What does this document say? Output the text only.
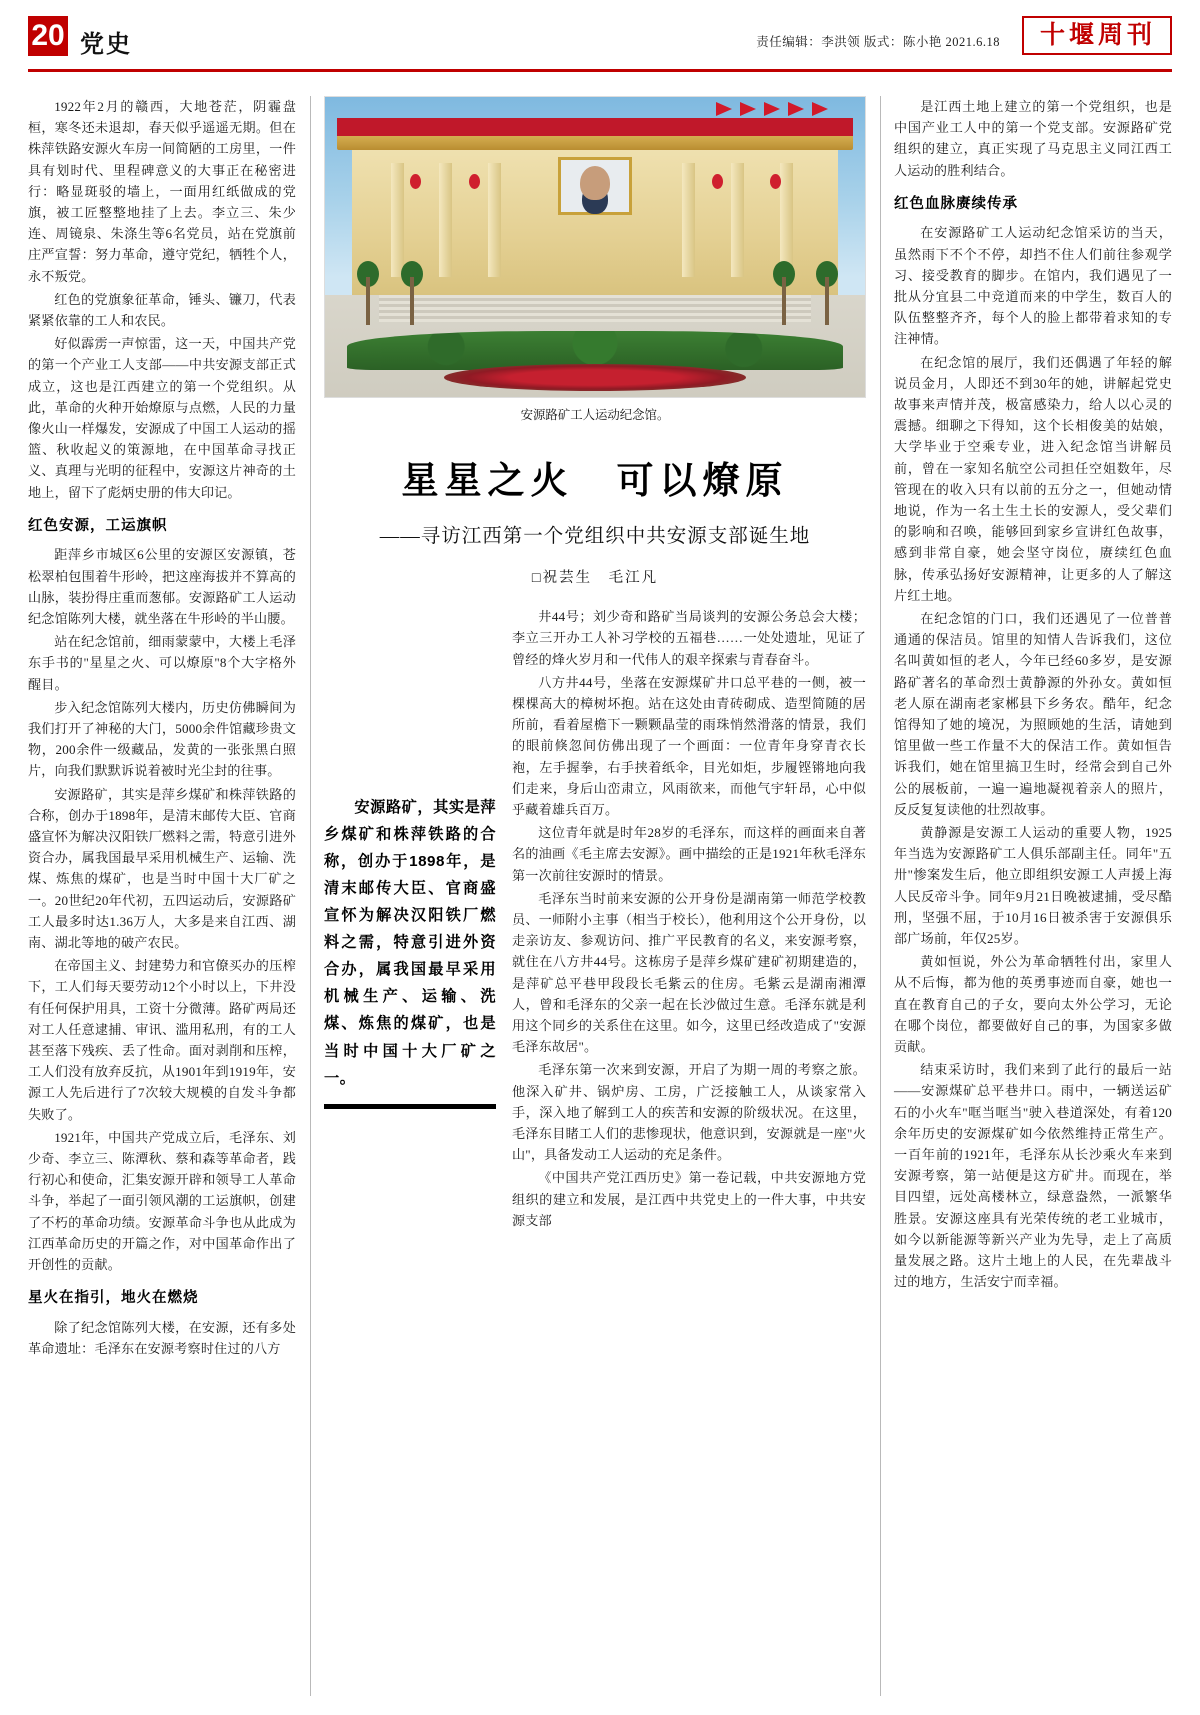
20 党史	责任编辑：李洪领 版式：陈小艳 2021.6.18	十堰周刊

1922年2月的赣西，大地苍茫，阴霾盘桓，寒冬还未退却，春天似乎遥遥无期。但在株萍铁路安源火车房一间简陋的工房里，一件具有划时代、里程碑意义的大事正在秘密进行：略显斑驳的墙上，一面用红纸做成的党旗，被工匠整整地挂了上去。李立三、朱少连、周镜泉、朱涤生等6名党员，站在党旗前庄严宣誓：努力革命，遵守党纪，牺牲个人，永不叛党。

红色的党旗象征革命，锤头、镰刀，代表紧紧依靠的工人和农民。

好似霹雳一声惊雷，这一天，中国共产党的第一个产业工人支部——中共安源支部正式成立，这也是江西建立的第一个党组织。从此，革命的火种开始燎原与点燃，人民的力量像火山一样爆发，安源成了中国工人运动的摇篮、秋收起义的策源地，在中国革命寻找正义、真理与光明的征程中，安源这片神奇的土地上，留下了彪炳史册的伟大印记。

红色安源，工运旗帜

距萍乡市城区6公里的安源区安源镇，苍松翠柏包围着牛形岭，把这座海拔并不算高的山脉，装扮得庄重而葱郁。安源路矿工人运动纪念馆陈列大楼，就坐落在牛形岭的半山腰。

站在纪念馆前，细雨蒙蒙中，大楼上毛泽东手书的"星星之火、可以燎原"8个大字格外醒目。

步入纪念馆陈列大楼内，历史仿佛瞬间为我们打开了神秘的大门，5000余件馆藏珍贵文物，200余件一级藏品，发黄的一张张黑白照片，向我们默默诉说着被时光尘封的往事。

安源路矿，其实是萍乡煤矿和株萍铁路的合称，创办于1898年，是清末邮传大臣、官商盛宣怀为解决汉阳铁厂燃料之需，特意引进外资合办，属我国最早采用机械生产、运输、洗煤、炼焦的煤矿，也是当时中国十大厂矿之一。20世纪20年代初，五四运动后，安源路矿工人最多时达1.36万人，大多是来自江西、湖南、湖北等地的破产农民。

在帝国主义、封建势力和官僚买办的压榨下，工人们每天要劳动12个小时以上，下井没有任何保护用具，工资十分微薄。路矿两局还对工人任意逮捕、审讯、滥用私刑，有的工人甚至落下残疾、丢了性命。面对剥削和压榨，工人们没有放弃反抗，从1901年到1919年，安源工人先后进行了7次较大规模的自发斗争都失败了。

1921年，中国共产党成立后，毛泽东、刘少奇、李立三、陈潭秋、蔡和森等革命者，践行初心和使命，汇集安源开辟和领导工人革命斗争，举起了一面引领风潮的工运旗帜，创建了不朽的革命功绩。安源革命斗争也从此成为江西革命历史的开篇之作，对中国革命作出了开创性的贡献。

星火在指引，地火在燃烧

除了纪念馆陈列大楼，在安源，还有多处革命遗址：毛泽东在安源考察时住过的八方

安源路矿工人运动纪念馆。
星星之火　可以燎原
——寻访江西第一个党组织中共安源支部诞生地
□祝芸生　毛江凡
安源路矿，其实是萍乡煤矿和株萍铁路的合称，创办于1898年，是清末邮传大臣、官商盛宣怀为解决汉阳铁厂燃料之需，特意引进外资合办，属我国最早采用机械生产、运输、洗煤、炼焦的煤矿，也是当时中国十大厂矿之一。

井44号；刘少奇和路矿当局谈判的安源公务总会大楼；李立三开办工人补习学校的五福巷……一处处遗址，见证了曾经的烽火岁月和一代伟人的艰辛探索与青春奋斗。

八方井44号，坐落在安源煤矿井口总平巷的一侧，被一棵棵高大的樟树坏抱。站在这处由青砖砌成、造型简随的居所前，看着屋檐下一颗颗晶莹的雨珠悄然滑落的情景，我们的眼前倏忽间仿佛出现了一个画面：一位青年身穿青衣长袍，左手握拳，右手挟着纸伞，目光如炬，步履铿锵地向我们走来，身后山峦肃立，风雨欲来，而他气宇轩昂，心中似乎藏着雄兵百万。

这位青年就是时年28岁的毛泽东，而这样的画面来自著名的油画《毛主席去安源》。画中描绘的正是1921年秋毛泽东第一次前往安源时的情景。

毛泽东当时前来安源的公开身份是湖南第一师范学校教员、一师附小主事（相当于校长），他利用这个公开身份，以走亲访友、参观访问、推广平民教育的名义，来安源考察，就住在八方井44号。这栋房子是萍乡煤矿建矿初期建造的，是萍矿总平巷甲段段长毛紫云的住房。毛紫云是湖南湘潭人，曾和毛泽东的父亲一起在长沙做过生意。毛泽东就是利用这个同乡的关系住在这里。如今，这里已经改造成了"安源毛泽东故居"。

毛泽东第一次来到安源，开启了为期一周的考察之旅。他深入矿井、锅炉房、工房，广泛接触工人，从谈家常入手，深入地了解到工人的疾苦和安源的阶级状况。在这里，毛泽东目睹工人们的悲惨现状，他意识到，安源就是一座"火山"，具备发动工人运动的充足条件。

《中国共产党江西历史》第一卷记载，中共安源地方党组织的建立和发展，是江西中共党史上的一件大事，中共安源支部

是江西土地上建立的第一个党组织，也是中国产业工人中的第一个党支部。安源路矿党组织的建立，真正实现了马克思主义同江西工人运动的胜利结合。

红色血脉赓续传承

在安源路矿工人运动纪念馆采访的当天，虽然雨下不个不停，却挡不住人们前往参观学习、接受教育的脚步。在馆内，我们遇见了一批从分宜县二中竞道而来的中学生，数百人的队伍整整齐齐，每个人的脸上都带着求知的专注神情。

在纪念馆的展厅，我们还偶遇了年轻的解说员金月，人即还不到30年的她，讲解起党史故事来声情并茂，极富感染力，给人以心灵的震撼。细聊之下得知，这个长相俊美的姑娘，大学毕业于空乘专业，进入纪念馆当讲解员前，曾在一家知名航空公司担任空姐数年，尽管现在的收入只有以前的五分之一，但她动情地说，作为一名土生土长的安源人，受父辈们的影响和召唤，能够回到家乡宣讲红色故事，感到非常自豪，她会坚守岗位，赓续红色血脉，传承弘扬好安源精神，让更多的人了解这片红土地。

在纪念馆的门口，我们还遇见了一位普普通通的保洁员。馆里的知情人告诉我们，这位名叫黄如恒的老人，今年已经60多岁，是安源路矿著名的革命烈士黄静源的外孙女。黄如恒老人原在湖南老家郴县下乡务农。酷年，纪念馆得知了她的境况，为照顾她的生活，请她到馆里做一些工作量不大的保洁工作。黄如恒告诉我们，她在馆里搞卫生时，经常会到自己外公的展板前，一遍一遍地凝视着亲人的照片，反反复复读他的壮烈故事。

黄静源是安源工人运动的重要人物，1925年当选为安源路矿工人俱乐部副主任。同年"五卅"惨案发生后，他立即组织安源工人声援上海人民反帝斗争。同年9月21日晚被逮捕，受尽酷刑，坚强不屈，于10月16日被杀害于安源俱乐部广场前，年仅25岁。

黄如恒说，外公为革命牺牲付出，家里人从不后悔，都为他的英勇事迹而自豪，她也一直在教育自己的子女，要向太外公学习，无论在哪个岗位，都要做好自己的事，为国家多做贡献。

结束采访时，我们来到了此行的最后一站——安源煤矿总平巷井口。雨中，一辆送运矿石的小火车"哐当哐当"驶入巷道深处，有着120余年历史的安源煤矿如今依然维持正常生产。一百年前的1921年，毛泽东从长沙乘火车来到安源考察，第一站便是这方矿井。而现在，举目四望，远处高楼林立，绿意盎然，一派繁华胜景。安源这座具有光荣传统的老工业城市，如今以新能源等新兴产业为先导，走上了高质量发展之路。这片土地上的人民，在先辈战斗过的地方，生活安宁而幸福。
